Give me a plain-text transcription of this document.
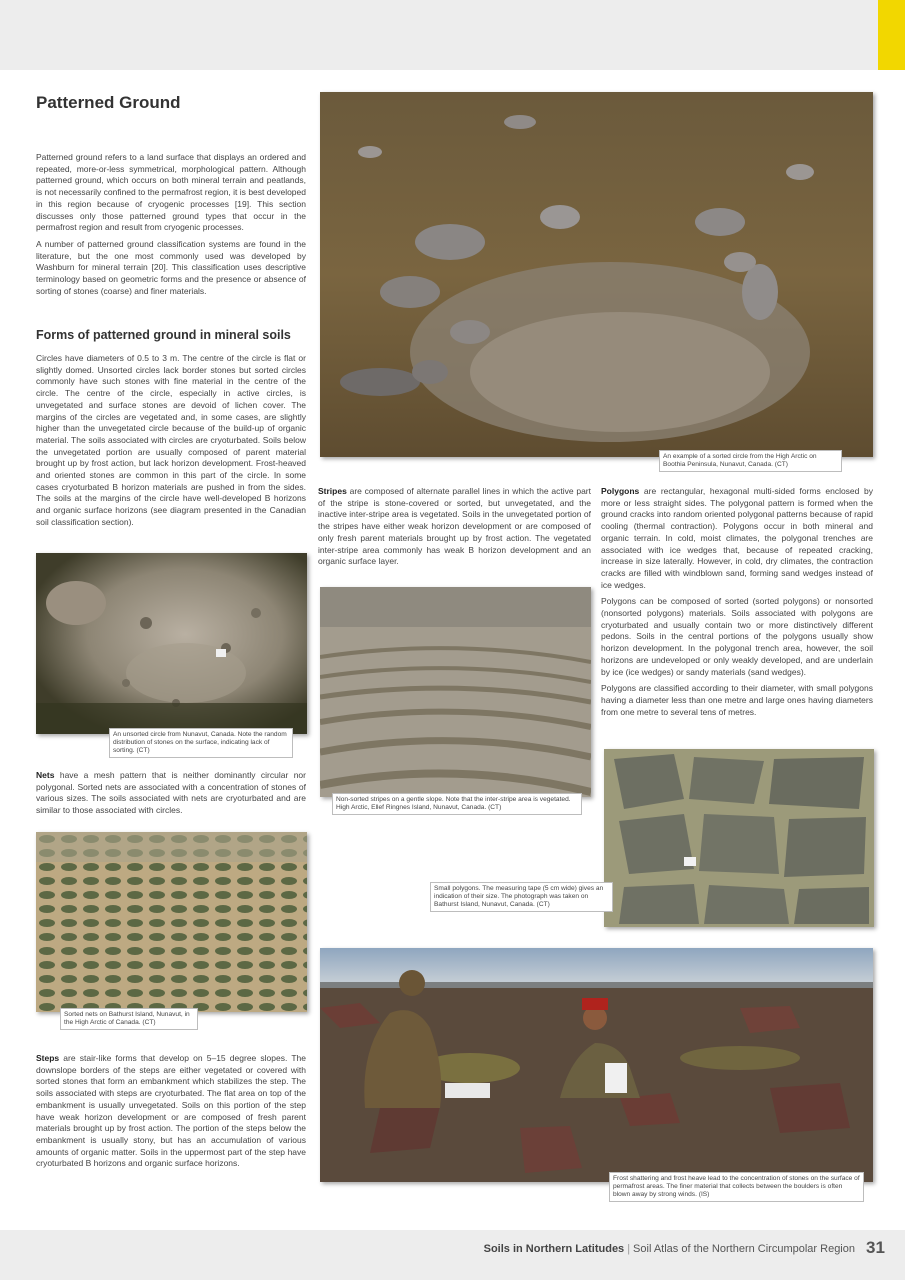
Patterned Ground

Patterned ground refers to a land surface that displays an ordered and repeated, more-or-less symmetrical, morphological pattern. Although patterned ground, which occurs on both mineral terrain and peatlands, is not necessarily confined to the permafrost region, it is best developed in this region because of cryogenic processes [19]. This section discusses only those patterned ground types that occur in the permafrost region and result from cryogenic processes.

A number of patterned ground classification systems are found in the literature, but the one most commonly used was developed by Washburn for mineral terrain [20]. This classification uses descriptive terminology based on geometric forms and the presence or absence of sorting of stones (coarse) and finer materials.

Forms of patterned ground in mineral soils

Circles have diameters of 0.5 to 3 m. The centre of the circle is flat or slightly domed. Unsorted circles lack border stones but sorted circles commonly have such stones with fine material in the centre of the circle. The centre of the circle, especially in active circles, is unvegetated and surface stones are devoid of lichen cover. The margins of the circles are vegetated and, in some cases, are slightly higher than the unvegetated circle because of the build-up of organic material. The soils associated with circles are cryoturbated. Soils below the unvegetated portion are usually composed of parent material brought up by frost action, but lack horizon development. Frost-heaved and oriented stones are common in this part of the circle. In some cases cryoturbated B horizon materials are pushed in from the sides. The soils at the margins of the circle have well-developed B horizons and organic surface horizons (see diagram presented in the Canadian soil classification section).

An unsorted circle from Nunavut, Canada. Note the random distribution of stones on the surface, indicating lack of sorting. (CT)

Nets have a mesh pattern that is neither dominantly circular nor polygonal. Sorted nets are associated with a concentration of stones of various sizes. The soils associated with nets are cryoturbated and are similar to those associated with circles.

Sorted nets on Bathurst Island, Nunavut, in the High Arctic of Canada. (CT)

Steps are stair-like forms that develop on 5–15 degree slopes. The downslope borders of the steps are either vegetated or covered with sorted stones that form an embankment which stabilizes the step. The soils associated with steps are cryoturbated. The flat area on top of the embankment is usually unvegetated. Soils on this portion of the step have weak horizon development or are composed of fresh parent materials brought up by frost action. The portion of the steps below the embankment is usually stony, but has an accumulation of various amounts of organic matter. Soils in the uppermost part of the step have cryoturbated B horizons and organic surface horizons.

An example of a sorted circle from the High Arctic on Boothia Peninsula, Nunavut, Canada. (CT)

Stripes are composed of alternate parallel lines in which the active part of the stripe is stone-covered or sorted, but unvegetated, and the inactive inter-stripe area is vegetated. Soils in the unvegetated portion of the stripes have either weak horizon development or are composed of only fresh parent materials brought up by frost action. The vegetated inter-stripe area commonly has weak B horizon development and an organic surface layer.

Non-sorted stripes on a gentle slope. Note that the inter-stripe area is vegetated. High Arctic, Ellef Ringnes Island, Nunavut, Canada. (CT)

Polygons are rectangular, hexagonal multi-sided forms enclosed by more or less straight sides. The polygonal pattern is formed when the ground cracks into random oriented polygonal patterns because of rapid cooling (thermal contraction). Polygons occur in both mineral and organic terrain. In cold, moist climates, the polygonal trenches are associated with ice wedges that, because of repeated cracking, increase in size laterally. However, in cold, dry climates, the contraction cracks are filled with windblown sand, forming sand wedges instead of ice wedges.

Polygons can be composed of sorted (sorted polygons) or nonsorted (nonsorted polygons) materials. Soils associated with polygons are cryoturbated and usually contain two or more distinctively different pedons. Soils in the central portions of the polygons usually show horizon development. In the polygonal trench area, however, the soil horizons are undeveloped or only weakly developed, and are underlain by ice (ice wedges) or sandy materials (sand wedges).

Polygons are classified according to their diameter, with small polygons having a diameter less than one metre and large ones having diameters from one metre to several tens of metres.

Small polygons. The measuring tape (5 cm wide) gives an indication of their size. The photograph was taken on Bathurst Island, Nunavut, Canada. (CT)
Frost shattering and frost heave lead to the concentration of stones on the surface of permafrost areas. The finer material that collects between the boulders is often blown away by strong winds. (IS)
Soils in Northern Latitudes | Soil Atlas of the Northern Circumpolar Region 31
